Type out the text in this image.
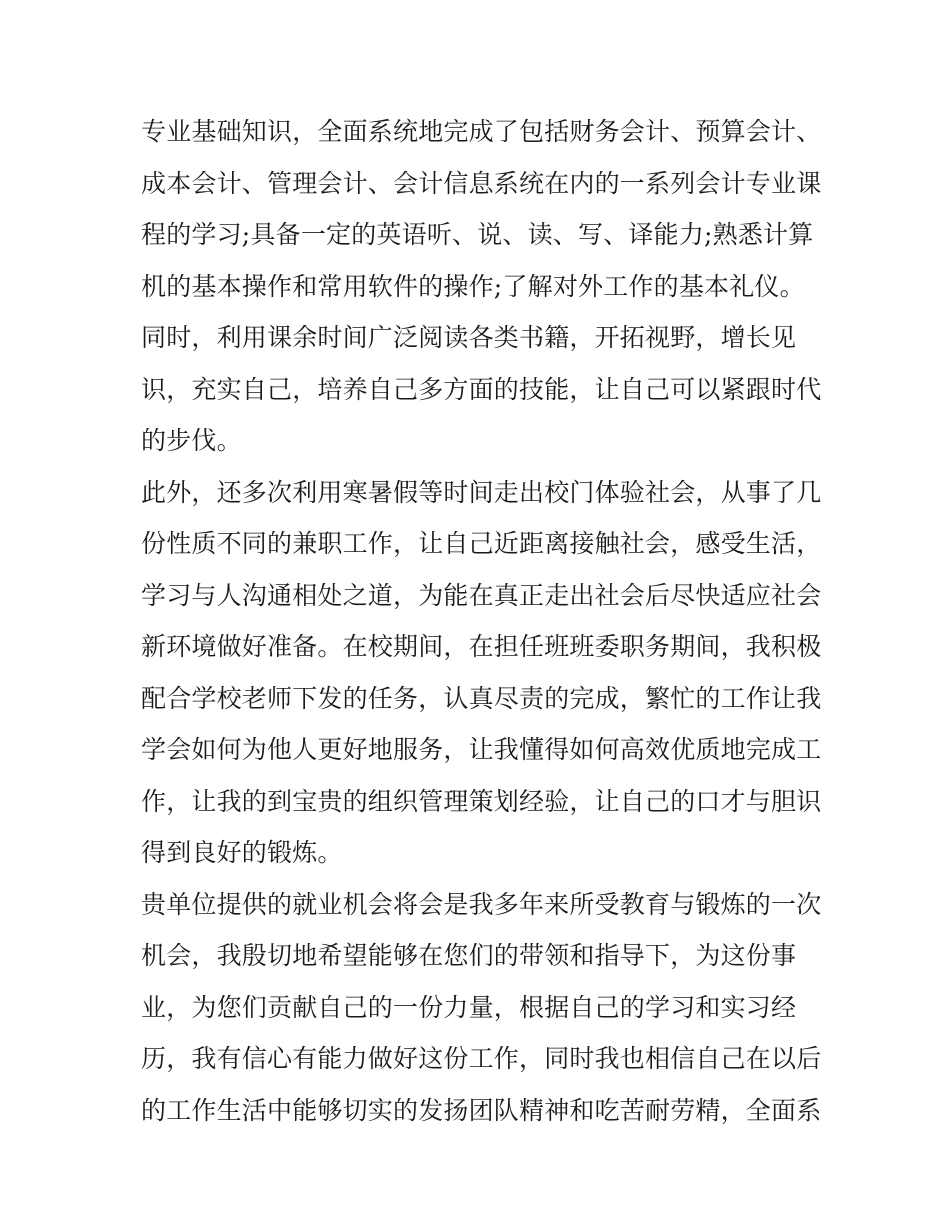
专业基础知识，全面系统地完成了包括财务会计、预算会计、
成本会计、管理会计、会计信息系统在内的一系列会计专业课
程的学习;具备一定的英语听、说、读、写、译能力;熟悉计算
机的基本操作和常用软件的操作;了解对外工作的基本礼仪。
同时，利用课余时间广泛阅读各类书籍，开拓视野，增长见
识，充实自己，培养自己多方面的技能，让自己可以紧跟时代
的步伐。
此外，还多次利用寒暑假等时间走出校门体验社会，从事了几
份性质不同的兼职工作，让自己近距离接触社会，感受生活，
学习与人沟通相处之道，为能在真正走出社会后尽快适应社会
新环境做好准备。在校期间，在担任班班委职务期间，我积极
配合学校老师下发的任务，认真尽责的完成，繁忙的工作让我
学会如何为他人更好地服务，让我懂得如何高效优质地完成工
作，让我的到宝贵的组织管理策划经验，让自己的口才与胆识
得到良好的锻炼。
贵单位提供的就业机会将会是我多年来所受教育与锻炼的一次
机会，我殷切地希望能够在您们的带领和指导下，为这份事
业，为您们贡献自己的一份力量，根据自己的学习和实习经
历，我有信心有能力做好这份工作，同时我也相信自己在以后
的工作生活中能够切实的发扬团队精神和吃苦耐劳精，全面系
